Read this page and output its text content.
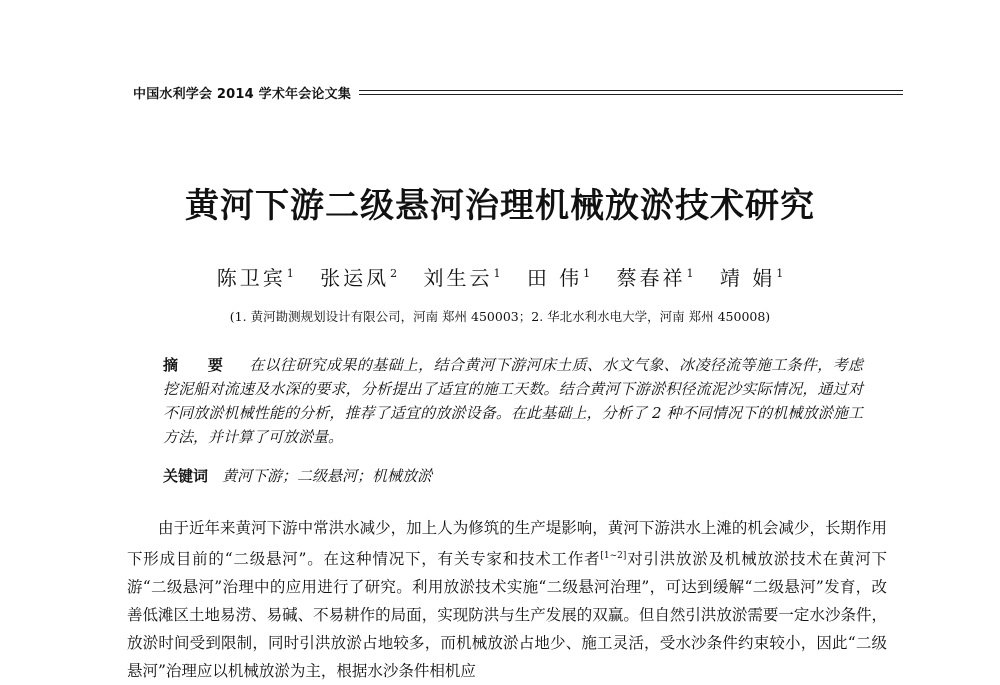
中国水利学会 2014 学术年会论文集
黄河下游二级悬河治理机械放淤技术研究
陈卫宾$^1$ 张运凤$^2$ 刘生云$^1$ 田 伟$^1$ 蔡春祥$^1$ 靖 娟$^1$
(1. 黄河勘测规划设计有限公司，河南 郑州 450003；2. 华北水利水电大学，河南 郑州 450008)
摘 要 在以往研究成果的基础上，结合黄河下游河床土质、水文气象、冰凌径流等施工条件，考虑挖泥船对流速及水深的要求，分析提出了适宜的施工天数。结合黄河下游淤积径流泥沙实际情况，通过对不同放淤机械性能的分析，推荐了适宜的放淤设备。在此基础上，分析了 2 种不同情况下的机械放淤施工方法，并计算了可放淤量。
关键词 黄河下游；二级悬河；机械放淤
由于近年来黄河下游中常洪水减少，加上人为修筑的生产堤影响，黄河下游洪水上滩的机会减少，长期作用下形成目前的“二级悬河”。在这种情况下，有关专家和技术工作者[1~2]对引洪放淤及机械放淤技术在黄河下游“二级悬河”治理中的应用进行了研究。利用放淤技术实施“二级悬河治理”，可达到缓解“二级悬河”发育，改善低滩区土地易涝、易碱、不易耕作的局面，实现防洪与生产发展的双赢。但自然引洪放淤需要一定水沙条件，放淤时间受到限制，同时引洪放淤占地较多，而机械放淤占地少、施工灵活，受水沙条件约束较小，因此“二级悬河”治理应以机械放淤为主，根据水沙条件相机应
